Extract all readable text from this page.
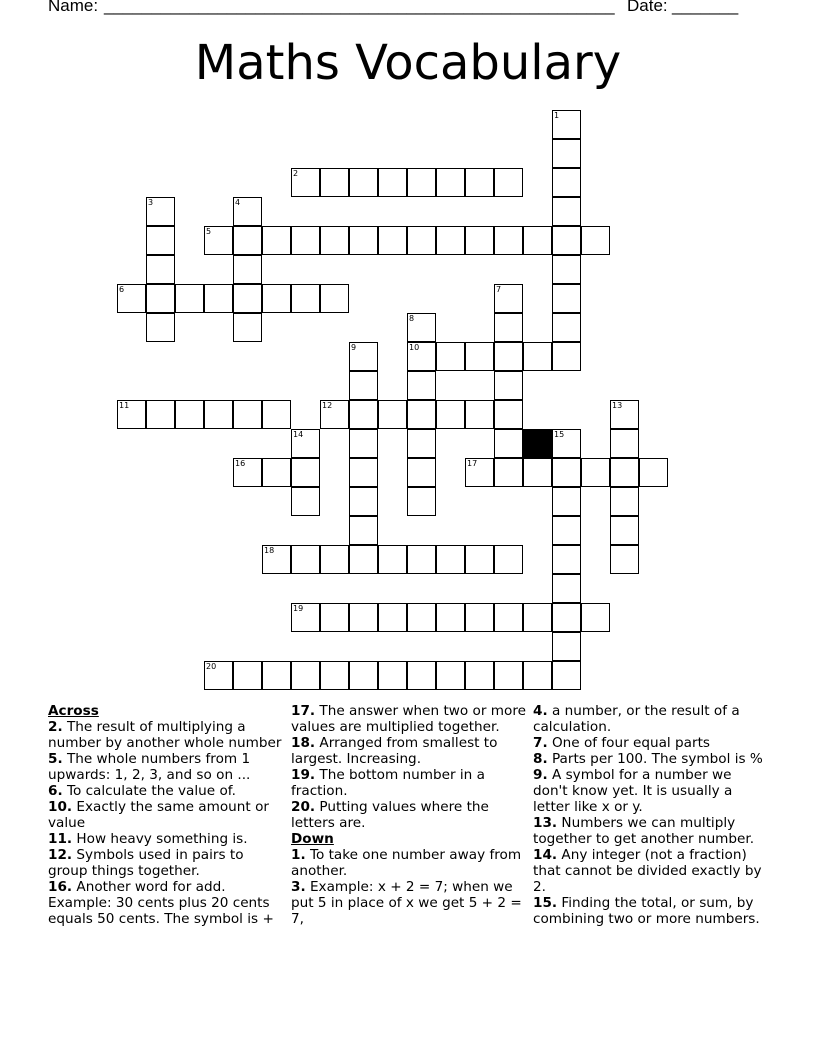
Name: ______________________________________________________ Date: _______
Maths Vocabulary
1
2
3	4
5
6	7
8
10
9
11	12	13
14	15
16	17
18
19
20
Across
2. The result of multiplying a number by another whole number
5. The whole numbers from 1 upwards: 1, 2, 3, and so on ...
6. To calculate the value of.
10. Exactly the same amount or value
11. How heavy something is.
12. Symbols used in pairs to group things together.
16. Another word for add. Example: 30 cents plus 20 cents equals 50 cents. The symbol is +
17. The answer when two or more values are multiplied together.
18. Arranged from smallest to largest. Increasing.
19. The bottom number in a fraction.
20. Putting values where the letters are.
Down
1. To take one number away from another.
3. Example: x + 2 = 7; when we put 5 in place of x we get 5 + 2 = 7,
4. a number, or the result of a calculation.
7. One of four equal parts
8. Parts per 100. The symbol is %
9. A symbol for a number we don't know yet. It is usually a letter like x or y.
13. Numbers we can multiply together to get another number.
14. Any integer (not a fraction) that cannot be divided exactly by 2.
15. Finding the total, or sum, by combining two or more numbers.
